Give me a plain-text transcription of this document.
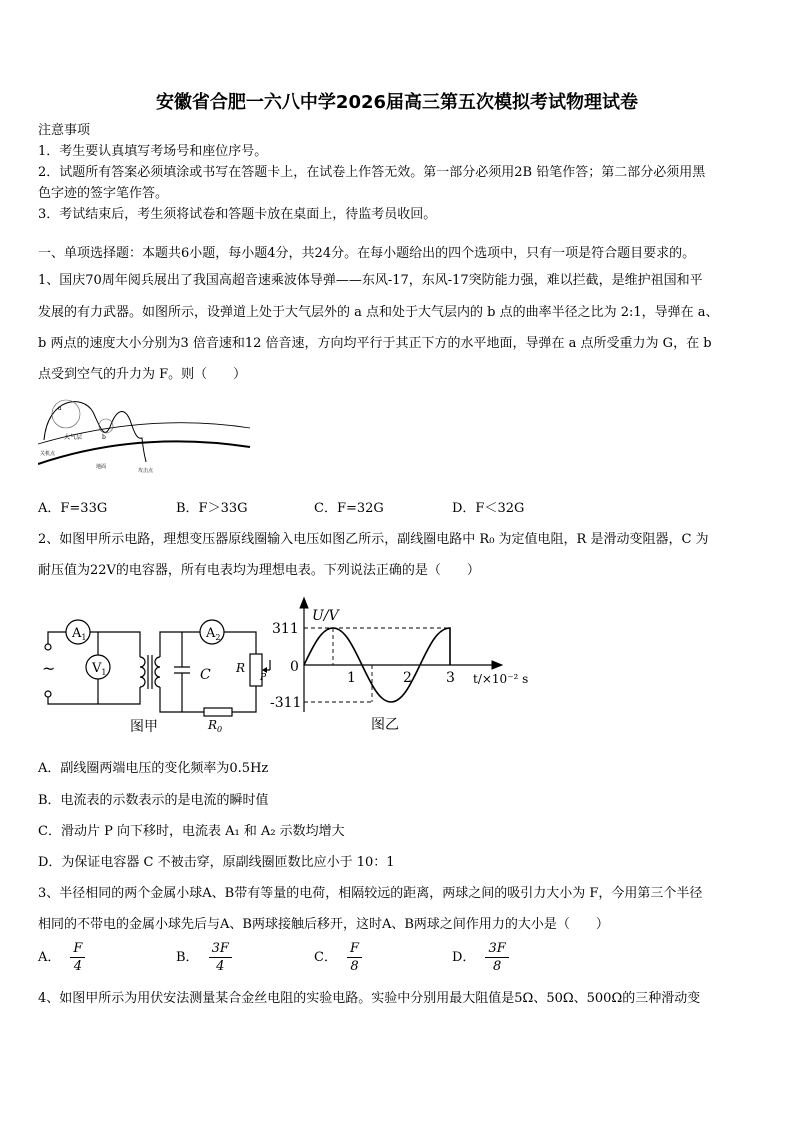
安徽省合肥一六八中学2026届高三第五次模拟考试物理试卷
注意事项
1．考生要认真填写考场号和座位序号。
2．试题所有答案必须填涂或书写在答题卡上，在试卷上作答无效。第一部分必须用2B 铅笔作答；第二部分必须用黑
色字迹的签字笔作答。
3．考试结束后，考生须将试卷和答题卡放在桌面上，待监考员收回。
一、单项选择题：本题共6小题，每小题4分，共24分。在每小题给出的四个选项中，只有一项是符合题目要求的。
1、国庆70周年阅兵展出了我国高超音速乘波体导弹——东风-17，东风-17突防能力强，难以拦截，是维护祖国和平
发展的有力武器。如图所示，设弹道上处于大气层外的 a 点和处于大气层内的 b 点的曲率半径之比为 2:1，导弹在 a、
b 两点的速度大小分别为3 倍音速和12 倍音速，方向均平行于其正下方的水平地面，导弹在 a 点所受重力为 G，在 b
点受到空气的升力为 F。则（　　）
a
b
大气层
关机点
地面
攻击点
A．F=33G	B．F＞33G	C．F=32G	D．F＜32G
2、如图甲所示电路，理想变压器原线圈输入电压如图乙所示，副线圈电路中 R₀ 为定值电阻，R 是滑动变阻器，C 为
耐压值为22V的电容器，所有电表均为理想电表。下列说法正确的是（　　）
~
$A_1$
$V_1$
$A_2$
C R
P
$R_0$
图甲
U/V
311
-311
0
1	2 3 t/×10⁻² s
图乙
A．副线圈两端电压的变化频率为0.5Hz
B．电流表的示数表示的是电流的瞬时值
C．滑动片 P 向下移时，电流表 A₁ 和 A₂ 示数均增大
D．为保证电容器 C 不被击穿，原副线圈匝数比应小于 10：1
3、半径相同的两个金属小球A、B带有等量的电荷，相隔较远的距离，两球之间的吸引力大小为 F，今用第三个半径
相同的不带电的金属小球先后与A、B两球接触后移开，这时A、B两球之间作用力的大小是（　　）
A． $\frac{F}{4}$	B． $\frac{3F}{4}$	C． $\frac{F}{8}$	D． $\frac{3F}{8}$
4、如图甲所示为用伏安法测量某合金丝电阻的实验电路。实验中分别用最大阻值是5Ω、50Ω、500Ω的三种滑动变
